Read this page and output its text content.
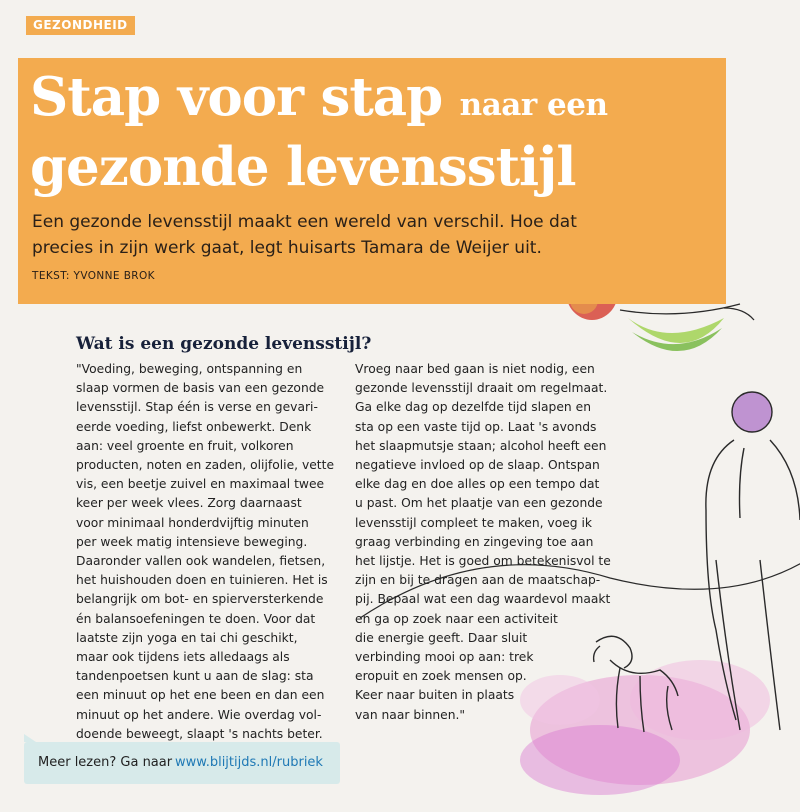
GEZONDHEID
Stap voor stap naar een
gezonde levensstijl

Een gezonde levensstijl maakt een wereld van verschil. Hoe dat
precies in zijn werk gaat, legt huisarts Tamara de Weijer uit.

TEKST: YVONNE BROK
Wat is een gezonde levensstijl?

"Voeding, beweging, ontspanning en
slaap vormen de basis van een gezonde
levensstijl. Stap één is verse en gevari-
eerde voeding, liefst onbewerkt. Denk
aan: veel groente en fruit, volkoren
producten, noten en zaden, olijfolie, vette
vis, een beetje zuivel en maximaal twee
keer per week vlees. Zorg daarnaast
voor minimaal honderdvijftig minuten
per week matig intensieve beweging.
Daaronder vallen ook wandelen, fietsen,
het huishouden doen en tuinieren. Het is
belangrijk om bot- en spierversterkende
én balansoefeningen te doen. Voor dat
laatste zijn yoga en tai chi geschikt,
maar ook tijdens iets alledaags als
tandenpoetsen kunt u aan de slag: sta
een minuut op het ene been en dan een
minuut op het andere. Wie overdag vol-
doende beweegt, slaapt 's nachts beter.

Vroeg naar bed gaan is niet nodig, een
gezonde levensstijl draait om regelmaat.
Ga elke dag op dezelfde tijd slapen en
sta op een vaste tijd op. Laat 's avonds
het slaapmutsje staan; alcohol heeft een
negatieve invloed op de slaap. Ontspan
elke dag en doe alles op een tempo dat
u past. Om het plaatje van een gezonde
levensstijl compleet te maken, voeg ik
graag verbinding en zingeving toe aan
het lijstje. Het is goed om betekenisvol te
zijn en bij te dragen aan de maatschap-
pij. Bepaal wat een dag waardevol maakt
en ga op zoek naar een activiteit
die energie geeft. Daar sluit
verbinding mooi op aan: trek
eropuit en zoek mensen op.
Keer naar buiten in plaats
van naar binnen."

Meer lezen? Ga naar www.blijtijds.nl/rubriek
